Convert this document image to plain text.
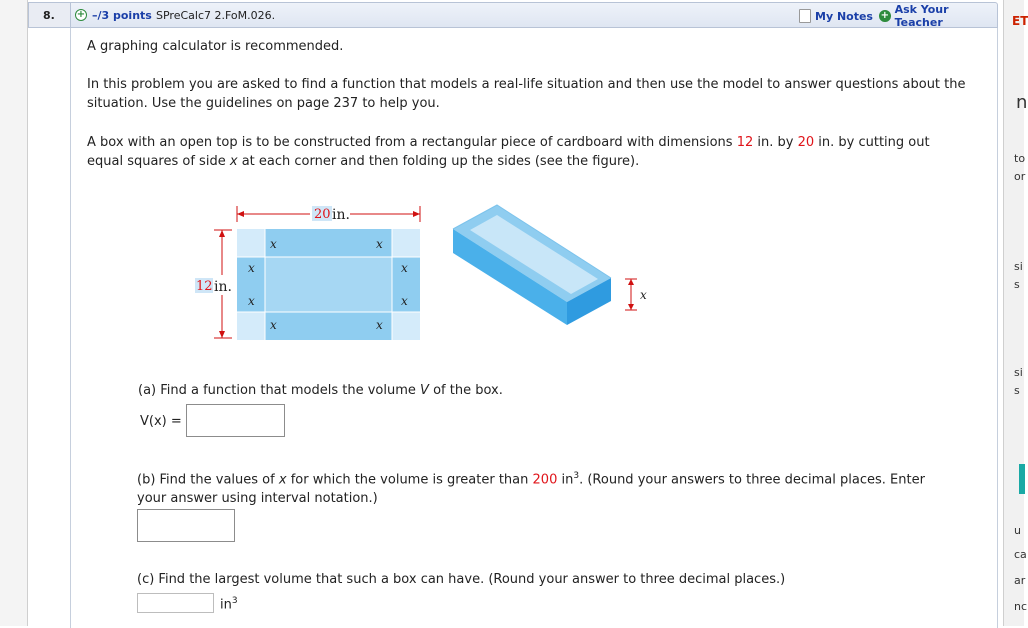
ET
n
to
or
si
s
si
s
u
ca
ar
nc
8.	+ –/3 points SPreCalc7 2.FoM.026.	My Notes + Ask Your Teacher

A graphing calculator is recommended.

In this problem you are asked to find a function that models a real-life situation and then use the model to answer questions about the situation. Use the guidelines on page 237 to help you.

A box with an open top is to be constructed from a rectangular piece of cardboard with dimensions 12 in. by 20 in. by cutting out equal squares of side x at each corner and then folding up the sides (see the figure).

20 in.
12 in.
x	x
x	x
x	x
x	x
x

(a) Find a function that models the volume V of the box.

V(x) =

(b) Find the values of x for which the volume is greater than 200 $in^3$. (Round your answers to three decimal places. Enter your answer using interval notation.)

(c) Find the largest volume that such a box can have. (Round your answer to three decimal places.)

$in^3$
